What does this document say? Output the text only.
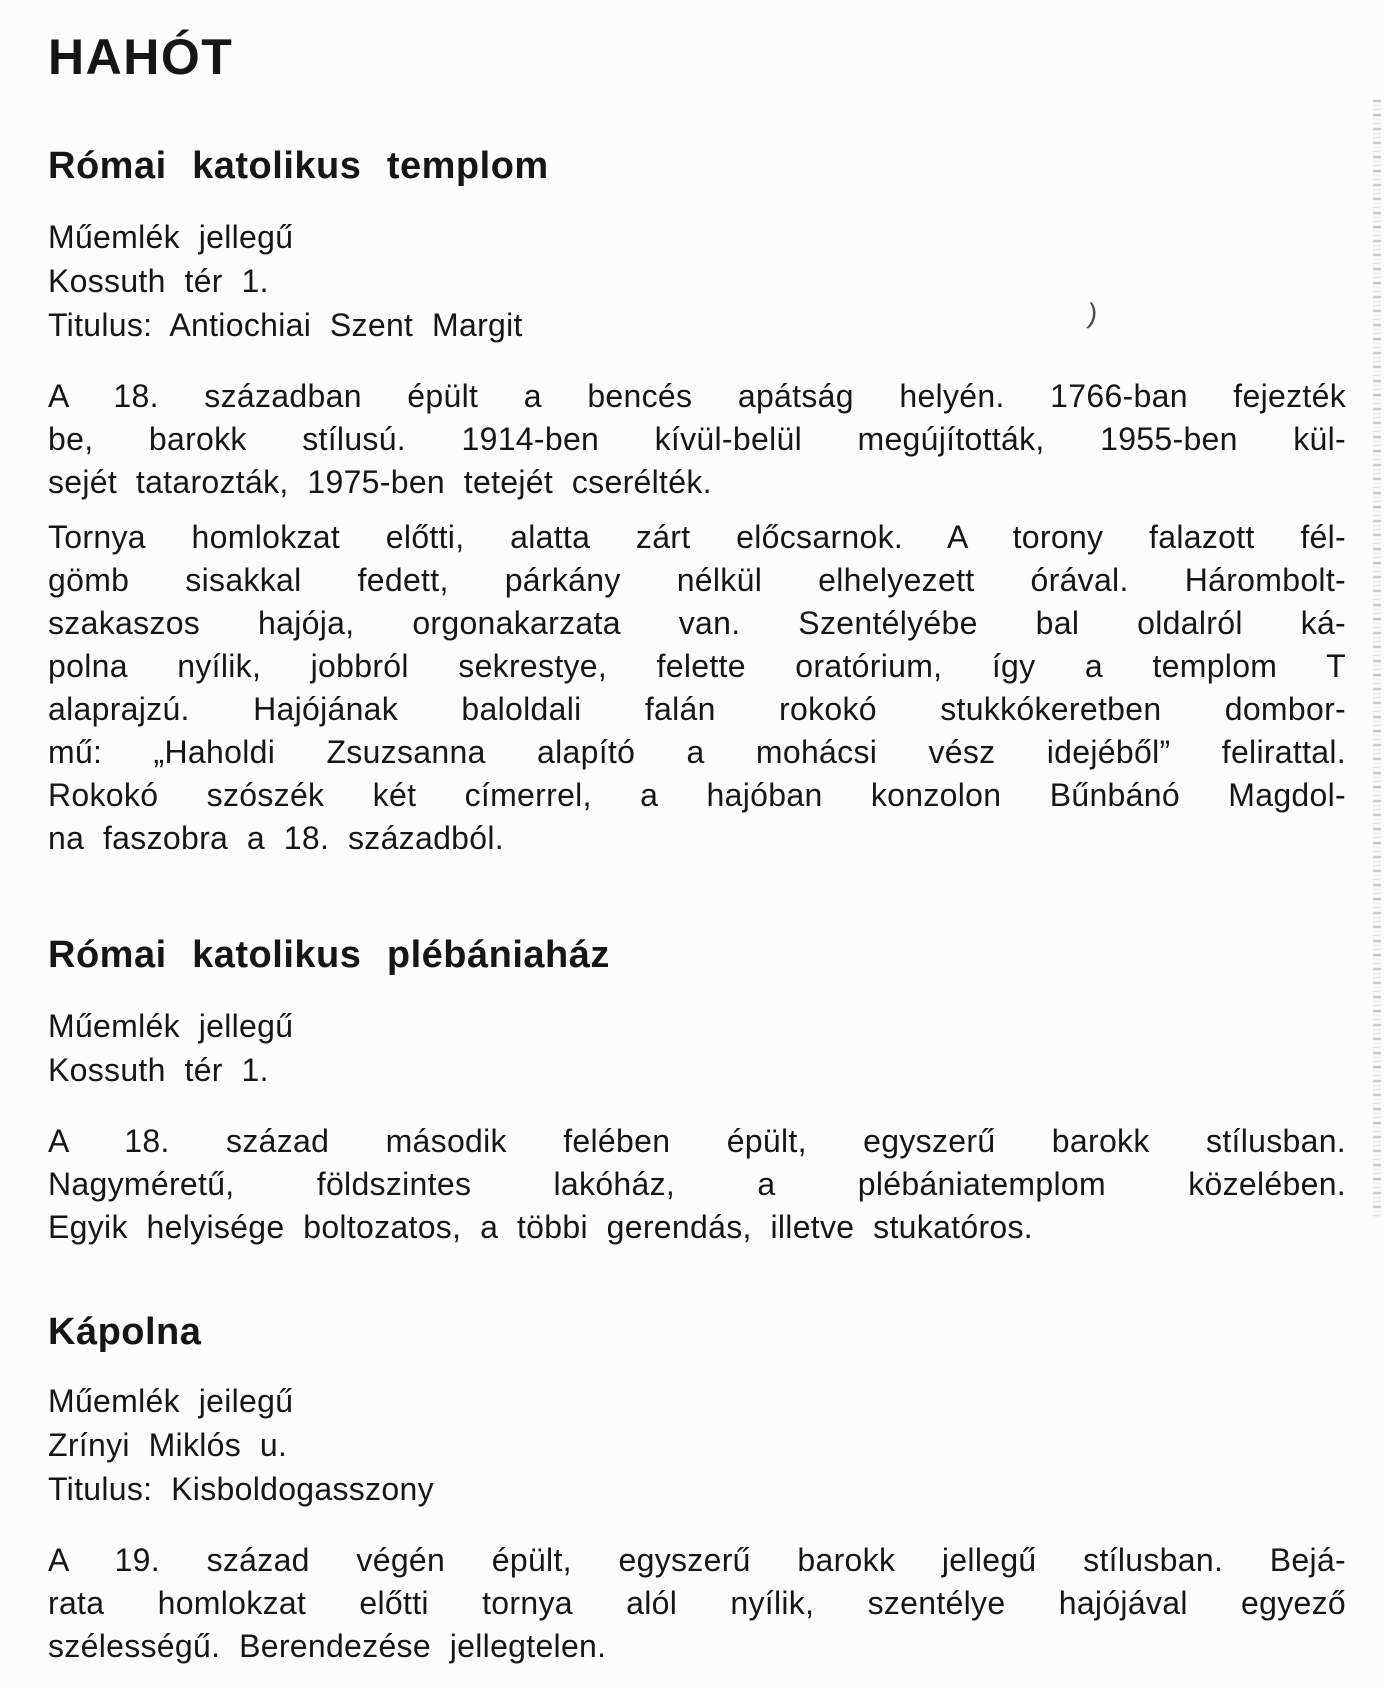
HAHÓT
Római katolikus templom
Műemlék jellegű
Kossuth tér 1.
Titulus: Antiochiai Szent Margit

A 18. században épült a bencés apátság helyén. 1766-ban fejezték
be, barokk stílusú. 1914-ben kívül-belül megújították, 1955-ben kül-
sejét tatarozták, 1975-ben tetejét cserélték.

Tornya homlokzat előtti, alatta zárt előcsarnok. A torony falazott fél-
gömb sisakkal fedett, párkány nélkül elhelyezett órával. Hárombolt-
szakaszos hajója, orgonakarzata van. Szentélyébe bal oldalról ká-
polna nyílik, jobbról sekrestye, felette oratórium, így a templom T
alaprajzú. Hajójának baloldali falán rokokó stukkókeretben dombor-
mű: „Haholdi Zsuzsanna alapító a mohácsi vész idejéből” felirattal.
Rokokó szószék két címerrel, a hajóban konzolon Bűnbánó Magdol-
na faszobra a 18. századból.

Római katolikus plébániaház
Műemlék jellegű
Kossuth tér 1.

A 18. század második felében épült, egyszerű barokk stílusban.
Nagyméretű, földszintes lakóház, a plébániatemplom közelében.
Egyik helyisége boltozatos, a többi gerendás, illetve stukatóros.

Kápolna
Műemlék jeilegű
Zrínyi Miklós u.
Titulus: Kisboldogasszony

A 19. század végén épült, egyszerű barokk jellegű stílusban. Bejá-
rata homlokzat előtti tornya alól nyílik, szentélye hajójával egyező
szélességű. Berendezése jellegtelen.

)
